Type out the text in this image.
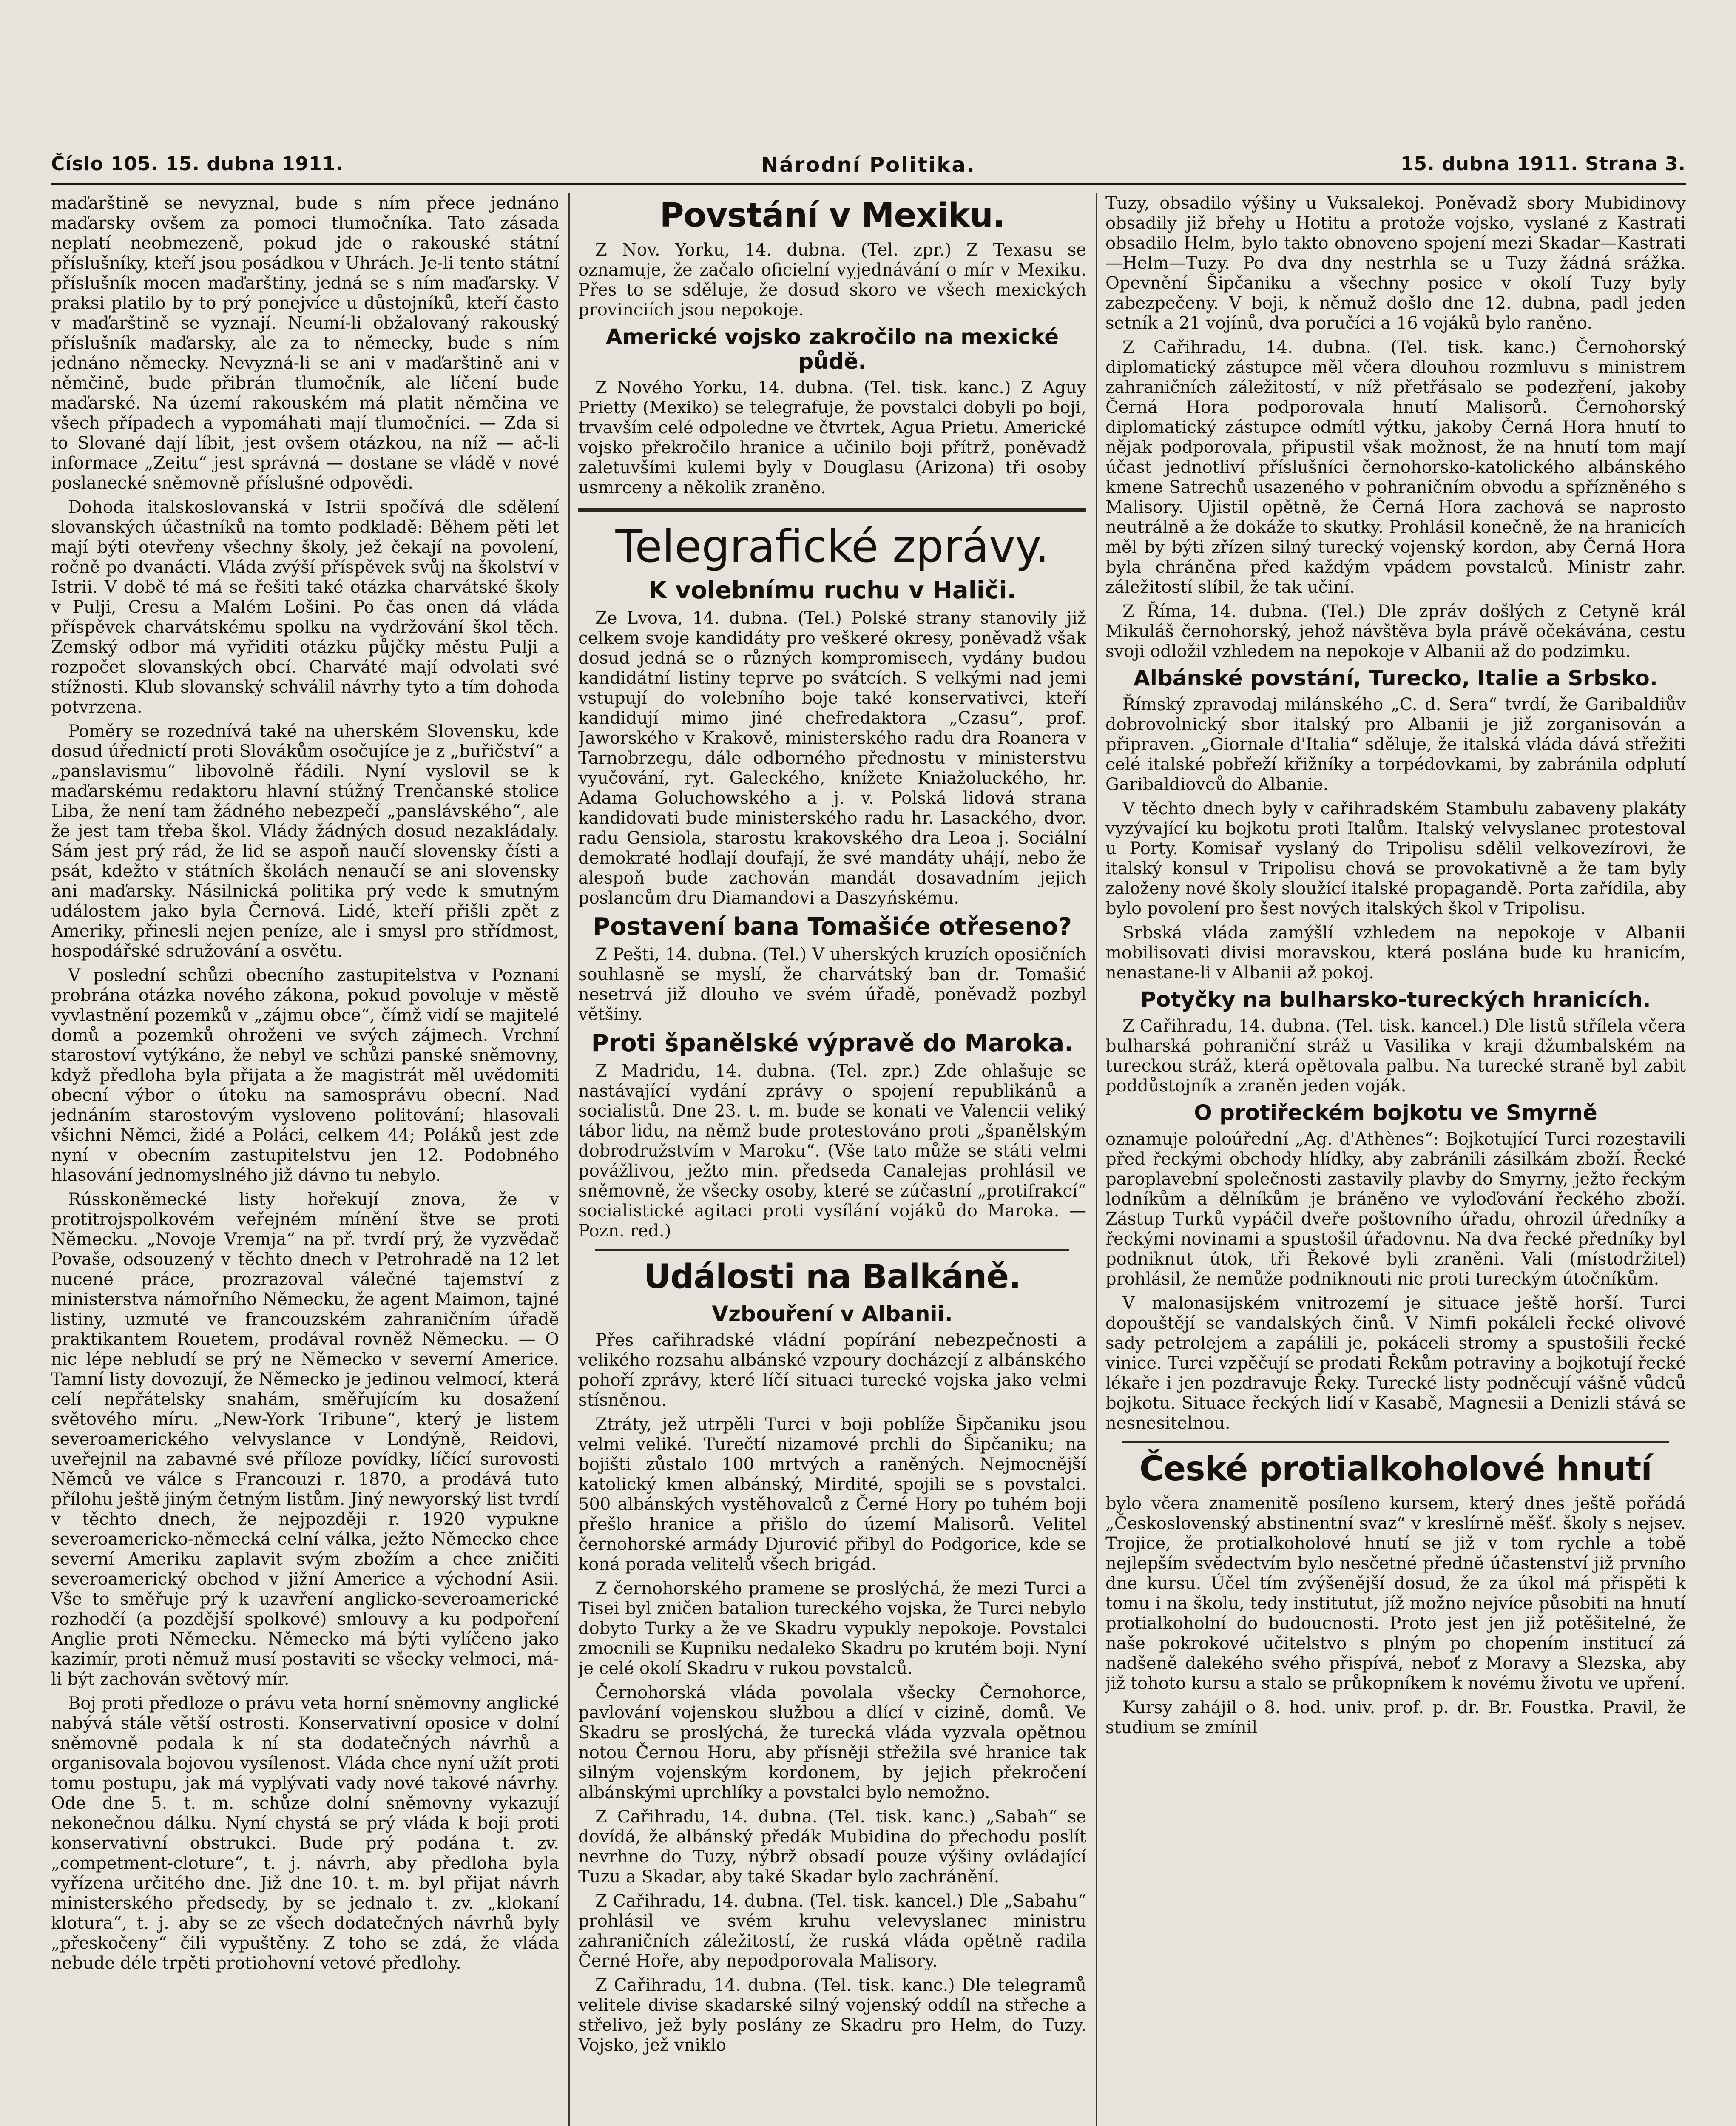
Číslo 105. 15. dubna 1911.	Národní Politika.	15. dubna 1911. Strana 3.

maďarštině se nevyznal, bude s ním přece jednáno maďarsky ovšem za pomoci tlumočníka. Tato zásada neplatí neobmezeně, pokud jde o rakouské státní příslušníky, kteří jsou posádkou v Uhrách. Je-li tento státní příslušník mocen maďarštiny, jedná se s ním maďarsky. V praksi platilo by to prý ponejvíce u důstojníků, kteří často v maďarštině se vyznají. Neumí-li obžalovaný rakouský příslušník maďarsky, ale za to německy, bude s ním jednáno německy. Nevyzná-li se ani v maďarštině ani v němčině, bude přibrán tlumočník, ale líčení bude maďarské. Na území rakouském má platit němčina ve všech případech a vypomáhati mají tlumočníci. — Zda si to Slované dají líbit, jest ovšem otázkou, na níž — ač-li informace „Zeitu“ jest správná — dostane se vládě v nové poslanecké sněmovně příslušné odpovědi.

Dohoda italskoslovanská v Istrii spočívá dle sdělení slovanských účastníků na tomto podkladě: Během pěti let mají býti otevřeny všechny školy, jež čekají na povolení, ročně po dvanácti. Vláda zvýší příspěvek svůj na školství v Istrii. V době té má se řešiti také otázka charvátské školy v Pulji, Cresu a Malém Lošini. Po čas onen dá vláda příspěvek charvátskému spolku na vydržování škol těch. Zemský odbor má vyřiditi otázku půjčky městu Pulji a rozpočet slovanských obcí. Charváté mají odvolati své stížnosti. Klub slovanský schválil návrhy tyto a tím dohoda potvrzena.

Poměry se rozednívá také na uherském Slovensku, kde dosud úřednictí proti Slovákům osočujíce je z „buřičství“ a „panslavismu“ libovolně řádili. Nyní vyslovil se k maďarskému redaktoru hlavní stúžný Trenčanské stolice Liba, že není tam žádného nebezpečí „panslávského“, ale že jest tam třeba škol. Vlády žádných dosud nezakládaly. Sám jest prý rád, že lid se aspoň naučí slovensky čísti a psát, kdežto v státních školách nenaučí se ani slovensky ani maďarsky. Násilnická politika prý vede k smutným událostem jako byla Černová. Lidé, kteří přišli zpět z Ameriky, přinesli nejen peníze, ale i smysl pro střídmost, hospodářské sdružování a osvětu.

V poslední schůzi obecního zastupitelstva v Poznani probrána otázka nového zákona, pokud povoluje v městě vyvlastnění pozemků v „zájmu obce“, čímž vidí se majitelé domů a pozemků ohroženi ve svých zájmech. Vrchní starostoví vytýkáno, že nebyl ve schůzi panské sněmovny, když předloha byla přijata a že magistrát měl uvědomiti obecní výbor o útoku na samosprávu obecní. Nad jednáním starostovým vysloveno politování; hlasovali všichni Němci, židé a Poláci, celkem 44; Poláků jest zde nyní v obecním zastupitelstvu jen 12. Podobného hlasování jednomyslného již dávno tu nebylo.

Rússkoněmecké listy hořekují znova, že v protitrojspolkovém veřejném mínění štve se proti Německu. „Novoje Vremja“ na př. tvrdí prý, že vyzvědač Povaše, odsouzený v těchto dnech v Petrohradě na 12 let nucené práce, prozrazoval válečné tajemství z ministerstva námořního Německu, že agent Maimon, tajné listiny, uzmuté ve francouzském zahraničním úřadě praktikantem Rouetem, prodával rovněž Německu. — O nic lépe nebludí se prý ne Německo v severní Americe. Tamní listy dovozují, že Německo je jedinou velmocí, která celí nepřátelsky snahám, směřujícím ku dosažení světového míru. „New-York Tribune“, který je listem severoamerického velvyslance v Londýně, Reidovi, uveřejnil na zabavné své příloze povídky, líčící surovosti Němců ve válce s Francouzi r. 1870, a prodává tuto přílohu ještě jiným četným listům. Jiný newyorský list tvrdí v těchto dnech, že nejpozději r. 1920 vypukne severoamericko-německá celní válka, ježto Německo chce severní Ameriku zaplavit svým zbožím a chce zničiti severoamerický obchod v jižní Americe a východní Asii. Vše to směřuje prý k uzavření anglicko-severoamerické rozhodčí (a pozdější spolkové) smlouvy a ku podpoření Anglie proti Německu. Německo má býti vylíčeno jako kazimír, proti němuž musí postaviti se všecky velmoci, má-li být zachován světový mír.

Boj proti předloze o právu veta horní sněmovny anglické nabývá stále větší ostrosti. Konservativní oposice v dolní sněmovně podala k ní sta dodatečných návrhů a organisovala bojovou vysílenost. Vláda chce nyní užít proti tomu postupu, jak má vyplývati vady nové takové návrhy. Ode dne 5. t. m. schůze dolní sněmovny vykazují nekonečnou dálku. Nyní chystá se prý vláda k boji proti konservativní obstrukci. Bude prý podána t. zv. „competment-cloture“, t. j. návrh, aby předloha byla vyřízena určitého dne. Již dne 10. t. m. byl přijat návrh ministerského předsedy, by se jednalo t. zv. „klokaní klotura“, t. j. aby se ze všech dodatečných návrhů byly „přeskočeny“ čili vypuštěny. Z toho se zdá, že vláda nebude déle trpěti protiohovní vetové předlohy.

Povstání v Mexiku.

Z Nov. Yorku, 14. dubna. (Tel. zpr.) Z Texasu se oznamuje, že začalo oficielní vyjednávání o mír v Mexiku. Přes to se sděluje, že dosud skoro ve všech mexických provinciích jsou nepokoje.

Americké vojsko zakročilo na mexické půdě.

Z Nového Yorku, 14. dubna. (Tel. tisk. kanc.) Z Aguy Prietty (Mexiko) se telegrafuje, že povstalci dobyli po boji, trvavším celé odpoledne ve čtvrtek, Agua Prietu. Americké vojsko překročilo hranice a učinilo boji přítrž, poněvadž zaletuvšími kulemi byly v Douglasu (Arizona) tři osoby usmrceny a několik zraněno.

Telegrafické zprávy.
K volebnímu ruchu v Haliči.

Ze Lvova, 14. dubna. (Tel.) Polské strany stanovily již celkem svoje kandidáty pro veškeré okresy, poněvadž však dosud jedná se o různých kompromisech, vydány budou kandidátní listiny teprve po svátcích. S velkými nad jemi vstupují do volebního boje také konservativci, kteří kandidují mimo jiné chefredaktora „Czasu“, prof. Jaworského v Krakově, ministerského radu dra Roanera v Tarnobrzegu, dále odborného přednostu v ministerstvu vyučování, ryt. Galeckého, knížete Kniažoluckého, hr. Adama Goluchowského a j. v. Polská lidová strana kandidovati bude ministerského radu hr. Lasackého, dvor. radu Gensiola, starostu krakovského dra Leoa j. Sociální demokraté hodlají doufají, že své mandáty uhájí, nebo že alespoň bude zachován mandát dosavadním jejich poslancům dru Diamandovi a Daszyńskému.

Postavení bana Tomašiće otřeseno?

Z Pešti, 14. dubna. (Tel.) V uherských kruzích oposičních souhlasně se myslí, že charvátský ban dr. Tomašić nesetrvá již dlouho ve svém úřadě, poněvadž pozbyl většiny.

Proti španělské výpravě do Maroka.

Z Madridu, 14. dubna. (Tel. zpr.) Zde ohlašuje se nastávající vydání zprávy o spojení republikánů a socialistů. Dne 23. t. m. bude se konati ve Valencii veliký tábor lidu, na němž bude protestováno proti „španělským dobrodružstvím v Maroku“. (Vše tato může se státi velmi povážlivou, ježto min. předseda Canalejas prohlásil ve sněmovně, že všecky osoby, které se zúčastní „protifrakcí“ socialistické agitaci proti vysílání vojáků do Maroka. — Pozn. red.)

Události na Balkáně.
Vzbouření v Albanii.

Přes cařihradské vládní popírání nebezpečnosti a velikého rozsahu albánské vzpoury docházejí z albánského pohoří zprávy, které líčí situaci turecké vojska jako velmi stísněnou.

Ztráty, jež utrpěli Turci v boji poblíže Šipčaniku jsou velmi veliké. Turečtí nizamové prchli do Šipčaniku; na bojišti zůstalo 100 mrtvých a raněných. Nejmocnější katolický kmen albánský, Mirdité, spojili se s povstalci. 500 albánských vystěhovalců z Černé Hory po tuhém boji přešlo hranice a přišlo do území Malisorů. Velitel černohorské armády Djurović přibyl do Podgorice, kde se koná porada velitelů všech brigád.

Z černohorského pramene se proslýchá, že mezi Turci a Tisei byl zničen batalion tureckého vojska, že Turci nebylo dobyto Turky a že ve Skadru vypukly nepokoje. Povstalci zmocnili se Kupniku nedaleko Skadru po krutém boji. Nyní je celé okolí Skadru v rukou povstalců.

Černohorská vláda povolala všecky Černohorce, pavlování vojenskou službou a dlící v cizině, domů. Ve Skadru se proslýchá, že turecká vláda vyzvala opětnou notou Černou Horu, aby přísněji střežila své hranice tak silným vojenským kordonem, by jejich překročení albánskými uprchlíky a povstalci bylo nemožno.

Z Cařihradu, 14. dubna. (Tel. tisk. kanc.) „Sabah“ se dovídá, že albánský předák Mubidina do přechodu poslít nevrhne do Tuzy, nýbrž obsadí pouze výšiny ovládající Tuzu a Skadar, aby také Skadar bylo zachránění.

Z Cařihradu, 14. dubna. (Tel. tisk. kancel.) Dle „Sabahu“ prohlásil ve svém kruhu velevyslanec ministru zahraničních záležitostí, že ruská vláda opětně radila Černé Hoře, aby nepodporovala Malisory.

Z Cařihradu, 14. dubna. (Tel. tisk. kanc.) Dle telegramů velitele divise skadarské silný vojenský oddíl na střeche a střelivo, jež byly poslány ze Skadru pro Helm, do Tuzy. Vojsko, jež vniklo

Tuzy, obsadilo výšiny u Vuksalekoj. Poněvadž sbory Mubidinovy obsadily již břehy u Hotitu a protože vojsko, vyslané z Kastrati obsadilo Helm, bylo takto obnoveno spojení mezi Skadar—Kastrati—Helm—Tuzy. Po dva dny nestrhla se u Tuzy žádná srážka. Opevnění Šipčaniku a všechny posice v okolí Tuzy byly zabezpečeny. V boji, k němuž došlo dne 12. dubna, padl jeden setník a 21 vojínů, dva poručíci a 16 vojáků bylo raněno.

Z Cařihradu, 14. dubna. (Tel. tisk. kanc.) Černohorský diplomatický zástupce měl včera dlouhou rozmluvu s ministrem zahraničních záležitostí, v níž přetřásalo se podezření, jakoby Černá Hora podporovala hnutí Malisorů. Černohorský diplomatický zástupce odmítl výtku, jakoby Černá Hora hnutí to nějak podporovala, připustil však možnost, že na hnutí tom mají účast jednotliví příslušníci černohorsko-katolického albánského kmene Satrechů usazeného v pohraničním obvodu a spřízněného s Malisory. Ujistil opětně, že Černá Hora zachová se naprosto neutrálně a že dokáže to skutky. Prohlásil konečně, že na hranicích měl by býti zřízen silný turecký vojenský kordon, aby Černá Hora byla chráněna před každým vpádem povstalců. Ministr zahr. záležitostí slíbil, že tak učiní.

Z Říma, 14. dubna. (Tel.) Dle zpráv došlých z Cetyně král Mikuláš černohorský, jehož návštěva byla právě očekávána, cestu svoji odložil vzhledem na nepokoje v Albanii až do podzimku.

Albánské povstání, Turecko, Italie a Srbsko.

Římský zpravodaj milánského „C. d. Sera“ tvrdí, že Garibaldiův dobrovolnický sbor italský pro Albanii je již zorganisován a připraven. „Giornale d'Italia“ sděluje, že italská vláda dává střežiti celé italské pobřeží křižníky a torpédovkami, by zabránila odplutí Garibaldiovců do Albanie.

V těchto dnech byly v cařihradském Stambulu zabaveny plakáty vyzývající ku bojkotu proti Italům. Italský velvyslanec protestoval u Porty. Komisař vyslaný do Tripolisu sdělil velkovezírovi, že italský konsul v Tripolisu chová se provokativně a že tam byly založeny nové školy sloužící italské propagandě. Porta zařídila, aby bylo povolení pro šest nových italských škol v Tripolisu.

Srbská vláda zamýšlí vzhledem na nepokoje v Albanii mobilisovati divisi moravskou, která poslána bude ku hranicím, nenastane-li v Albanii až pokoj.

Potyčky na bulharsko-tureckých hranicích.

Z Cařihradu, 14. dubna. (Tel. tisk. kancel.) Dle listů střílela včera bulharská pohraniční stráž u Vasilika v kraji džumbalském na tureckou stráž, která opětovala palbu. Na turecké straně byl zabit poddůstojník a zraněn jeden voják.

O protiřeckém bojkotu ve Smyrně

oznamuje poloúřední „Ag. d'Athènes“: Bojkotující Turci rozestavili před řeckými obchody hlídky, aby zabránili zásilkám zboží. Řecké paroplavební společnosti zastavily plavby do Smyrny, ježto řeckým lodníkům a dělníkům je bráněno ve vyloďování řeckého zboží. Zástup Turků vypáčil dveře poštovního úřadu, ohrozil úředníky a řeckými novinami a spustošil úřadovnu. Na dva řecké předníky byl podniknut útok, tři Řekové byli zraněni. Vali (místodržitel) prohlásil, že nemůže podniknouti nic proti tureckým útočníkům.

V malonasijském vnitrozemí je situace ještě horší. Turci dopouštějí se vandalských činů. V Nimfi pokáleli řecké olivové sady petrolejem a zapálili je, pokáceli stromy a spustošili řecké vinice. Turci vzpěčují se prodati Řekům potraviny a bojkotují řecké lékaře i jen pozdravuje Řeky. Turecké listy podněcují vášně vůdců bojkotu. Situace řeckých lidí v Kasabě, Magnesii a Denizli stává se nesnesitelnou.

České protialkoholové hnutí

bylo včera znamenitě posíleno kursem, který dnes ještě pořádá „Československý abstinentní svaz“ v kreslírně měšť. školy s nejsev. Trojice, že protialkoholové hnutí se již v tom rychle a tobě nejlepším svědectvím bylo nesčetné předně účastenství již prvního dne kursu. Účel tím zvýšenější dosud, že za úkol má přispěti k tomu i na školu, tedy institutut, jíž možno nejvíce působiti na hnutí protialkoholní do budoucnosti. Proto jest jen již potěšitelné, že naše pokrokové učitelstvo s plným po chopením institucí zá nadšeně dalekého svého přispívá, neboť z Moravy a Slezska, aby již tohoto kursu a stalo se průkopníkem k novému životu ve upření.

Kursy zahájil o 8. hod. univ. prof. p. dr. Br. Foustka. Pravil, že studium se zmínil
